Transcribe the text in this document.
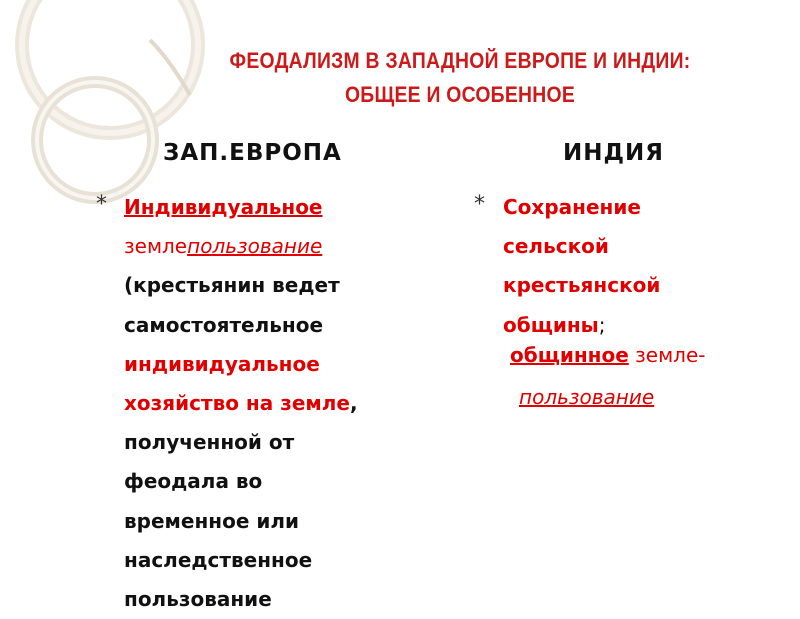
ФЕОДАЛИЗМ В ЗАПАДНОЙ ЕВРОПЕ И ИНДИИ:
ОБЩЕЕ И ОСОБЕННОЕ
ЗАП.ЕВРОПА
* Индивидуальное
землепользование
(крестьянин ведет
самостоятельное
индивидуальное
хозяйство на земле,
полученной от
феодала во
временное или
наследственное
пользование
ИНДИЯ
* Сохранение
сельской
крестьянской
общины;
общинное земле-
пользование
